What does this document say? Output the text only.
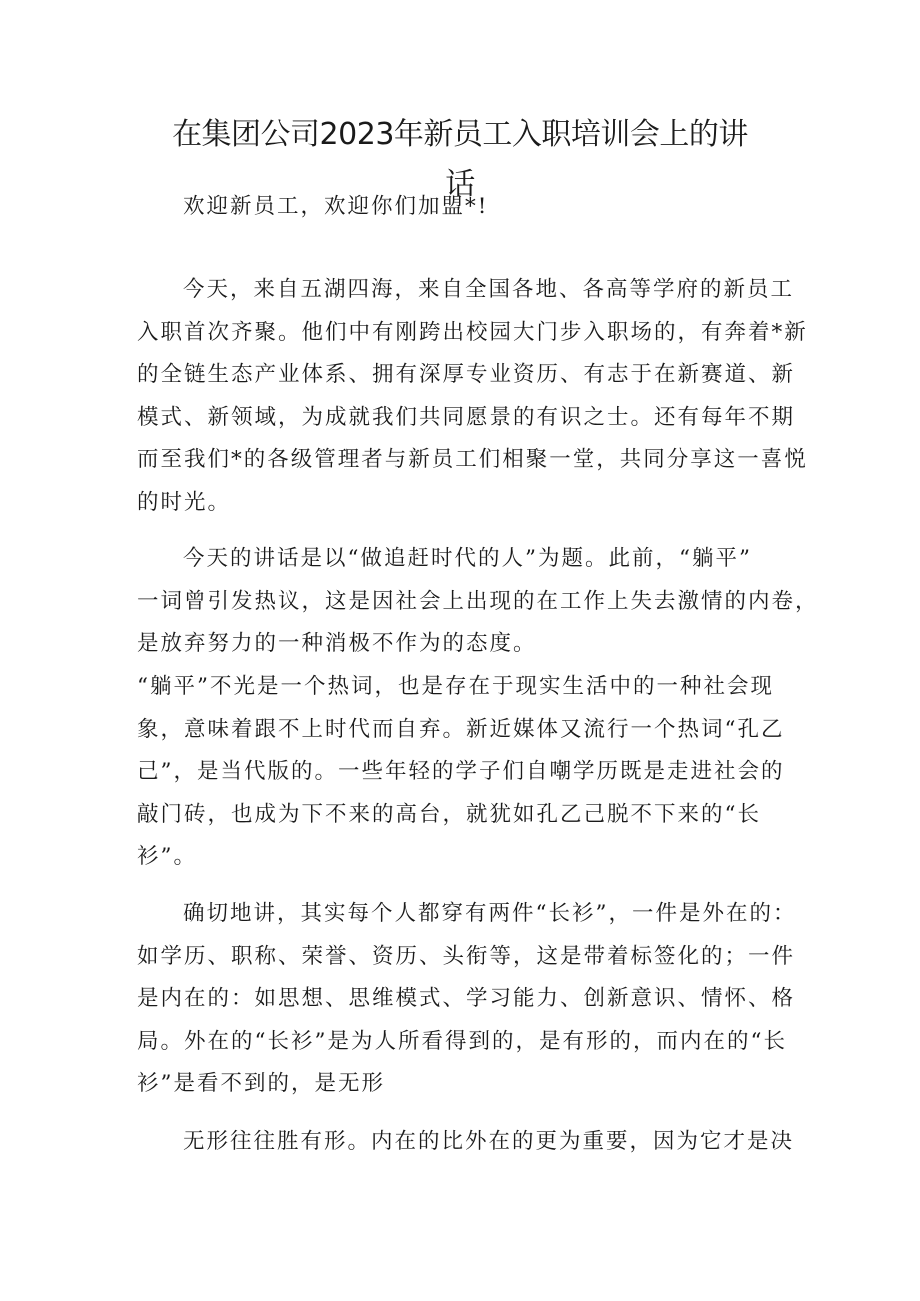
在集团公司2023年新员工入职培训会上的讲
话
欢迎新员工，欢迎你们加盟*!
今天，来自五湖四海，来自全国各地、各高等学府的新员工
入职首次齐聚。他们中有刚跨出校园大门步入职场的，有奔着*新
的全链生态产业体系、拥有深厚专业资历、有志于在新赛道、新
模式、新领域，为成就我们共同愿景的有识之士。还有每年不期
而至我们*的各级管理者与新员工们相聚一堂，共同分享这一喜悦
的时光。
今天的讲话是以“做追赶时代的人”为题。此前，“躺平”
一词曾引发热议，这是因社会上出现的在工作上失去激情的内卷，
是放弃努力的一种消极不作为的态度。
“躺平”不光是一个热词，也是存在于现实生活中的一种社会现
象，意味着跟不上时代而自弃。新近媒体又流行一个热词“孔乙
己”，是当代版的。一些年轻的学子们自嘲学历既是走进社会的
敲门砖，也成为下不来的高台，就犹如孔乙己脱不下来的“长
衫”。
确切地讲，其实每个人都穿有两件“长衫”，一件是外在的：
如学历、职称、荣誉、资历、头衔等，这是带着标签化的；一件
是内在的：如思想、思维模式、学习能力、创新意识、情怀、格
局。外在的“长衫”是为人所看得到的，是有形的，而内在的“长
衫”是看不到的，是无形
无形往往胜有形。内在的比外在的更为重要，因为它才是决
